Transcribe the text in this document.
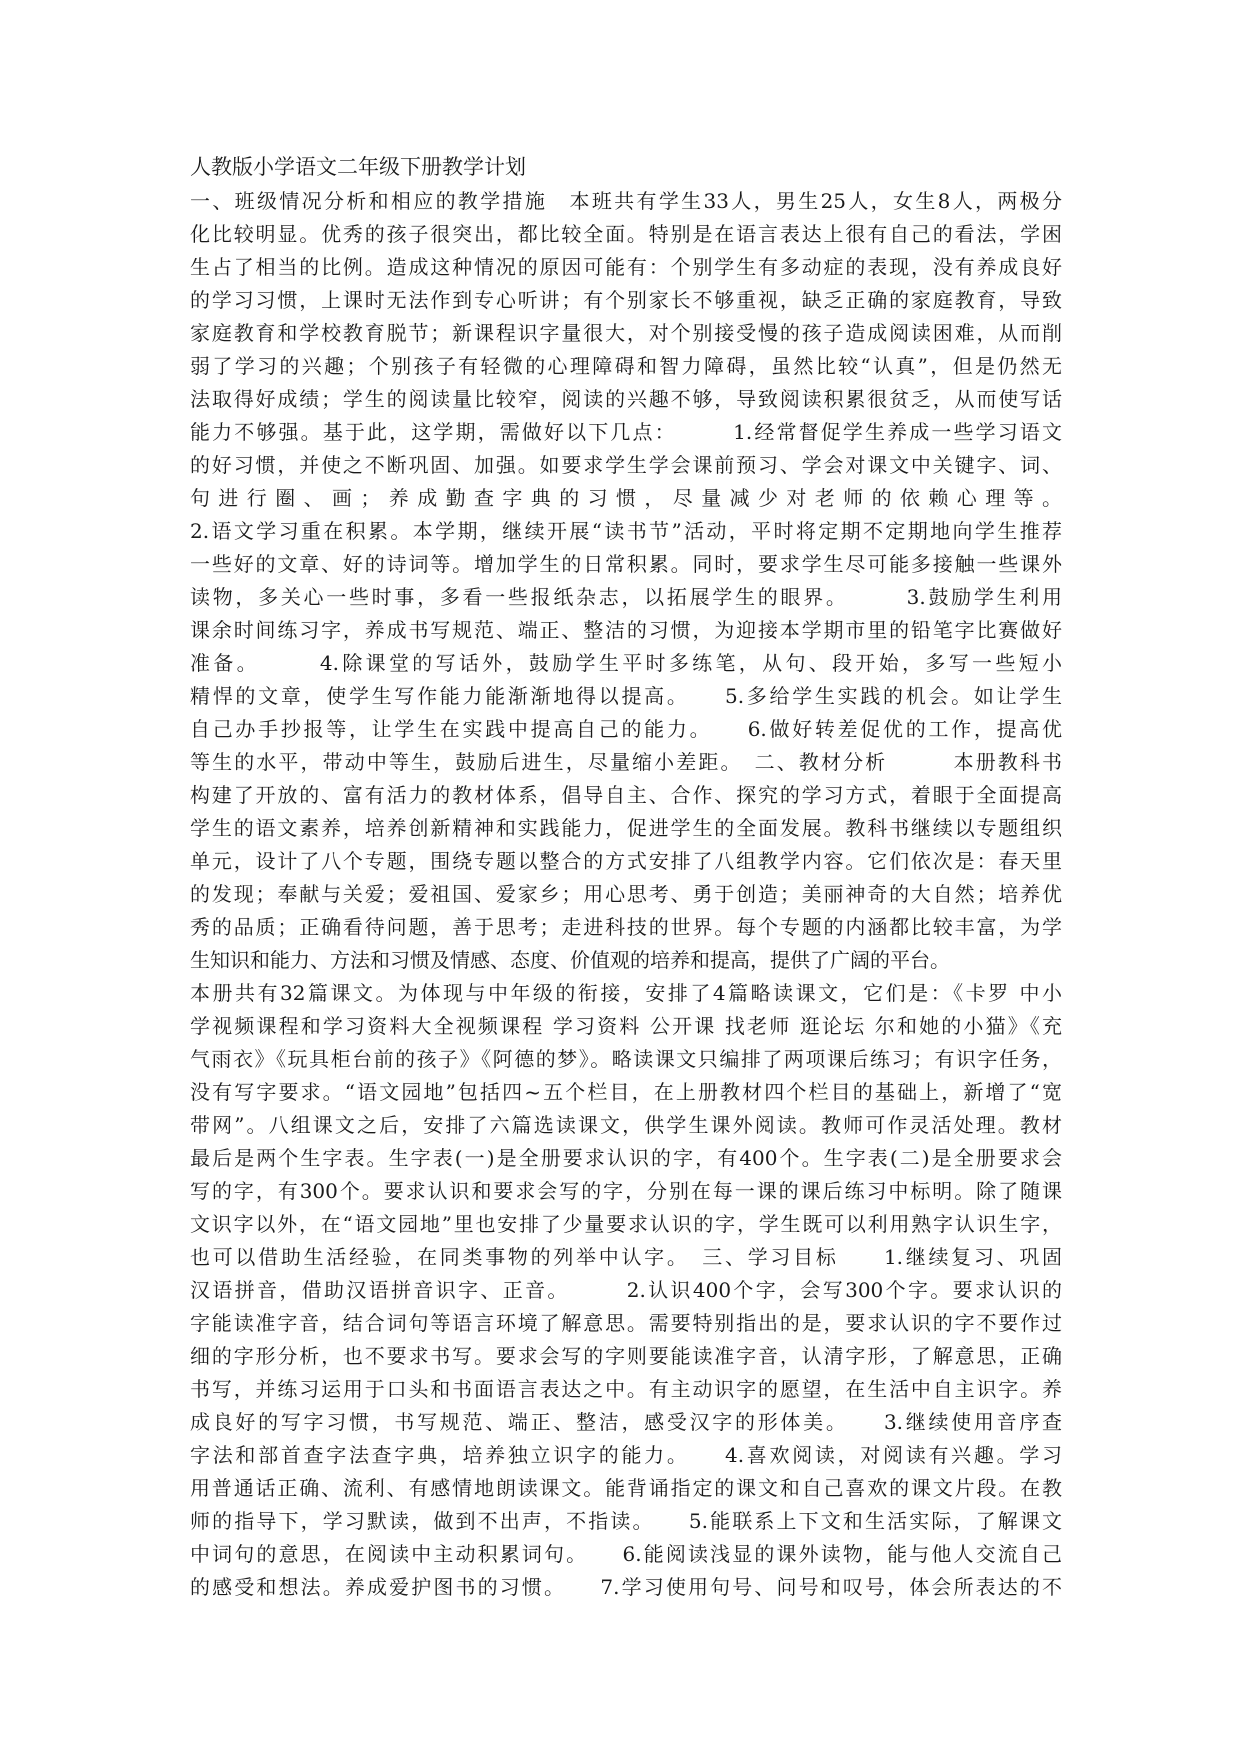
人教版小学语文二年级下册教学计划
一、班级情况分析和相应的教学措施　本班共有学生33人，男生25人，女生8人，两极分
化比较明显。优秀的孩子很突出，都比较全面。特别是在语言表达上很有自己的看法，学困
生占了相当的比例。造成这种情况的原因可能有：个别学生有多动症的表现，没有养成良好
的学习习惯，上课时无法作到专心听讲；有个别家长不够重视，缺乏正确的家庭教育，导致
家庭教育和学校教育脱节；新课程识字量很大，对个别接受慢的孩子造成阅读困难，从而削
弱了学习的兴趣；个别孩子有轻微的心理障碍和智力障碍，虽然比较“认真”，但是仍然无
法取得好成绩；学生的阅读量比较窄，阅读的兴趣不够，导致阅读积累很贫乏，从而使写话
能力不够强。基于此，这学期，需做好以下几点：　　　1.经常督促学生养成一些学习语文
的好习惯，并使之不断巩固、加强。如要求学生学会课前预习、学会对课文中关键字、词、
句进行圈、画；养成勤查字典的习惯，尽量减少对老师的依赖心理等。
2.语文学习重在积累。本学期，继续开展“读书节”活动，平时将定期不定期地向学生推荐
一些好的文章、好的诗词等。增加学生的日常积累。同时，要求学生尽可能多接触一些课外
读物，多关心一些时事，多看一些报纸杂志，以拓展学生的眼界。　　　3.鼓励学生利用
课余时间练习字，养成书写规范、端正、整洁的习惯，为迎接本学期市里的铅笔字比赛做好
准备。　　　4.除课堂的写话外，鼓励学生平时多练笔，从句、段开始，多写一些短小
精悍的文章，使学生写作能力能渐渐地得以提高。　　5.多给学生实践的机会。如让学生
自己办手抄报等，让学生在实践中提高自己的能力。　　6.做好转差促优的工作，提高优
等生的水平，带动中等生，鼓励后进生，尽量缩小差距。　二、教材分析　　　本册教科书
构建了开放的、富有活力的教材体系，倡导自主、合作、探究的学习方式，着眼于全面提高
学生的语文素养，培养创新精神和实践能力，促进学生的全面发展。教科书继续以专题组织
单元，设计了八个专题，围绕专题以整合的方式安排了八组教学内容。它们依次是：春天里
的发现；奉献与关爱；爱祖国、爱家乡；用心思考、勇于创造；美丽神奇的大自然；培养优
秀的品质；正确看待问题，善于思考；走进科技的世界。每个专题的内涵都比较丰富，为学
生知识和能力、方法和习惯及情感、态度、价值观的培养和提高，提供了广阔的平台。
本册共有32篇课文。为体现与中年级的衔接，安排了4篇略读课文，它们是：《卡罗 中小
学视频课程和学习资料大全视频课程 学习资料 公开课 找老师 逛论坛 尔和她的小猫》《充
气雨衣》《玩具柜台前的孩子》《阿德的梦》。略读课文只编排了两项课后练习；有识字任务，
没有写字要求。“语文园地”包括四~五个栏目，在上册教材四个栏目的基础上，新增了“宽
带网”。八组课文之后，安排了六篇选读课文，供学生课外阅读。教师可作灵活处理。教材
最后是两个生字表。生字表(一)是全册要求认识的字，有400个。生字表(二)是全册要求会
写的字，有300个。要求认识和要求会写的字，分别在每一课的课后练习中标明。除了随课
文识字以外，在“语文园地”里也安排了少量要求认识的字，学生既可以利用熟字认识生字，
也可以借助生活经验，在同类事物的列举中认字。　三、学习目标　　1.继续复习、巩固
汉语拼音，借助汉语拼音识字、正音。　　　2.认识400个字，会写300个字。要求认识的
字能读准字音，结合词句等语言环境了解意思。需要特别指出的是，要求认识的字不要作过
细的字形分析，也不要求书写。要求会写的字则要能读准字音，认清字形，了解意思，正确
书写，并练习运用于口头和书面语言表达之中。有主动识字的愿望，在生活中自主识字。养
成良好的写字习惯，书写规范、端正、整洁，感受汉字的形体美。　　3.继续使用音序查
字法和部首查字法查字典，培养独立识字的能力。　　4.喜欢阅读，对阅读有兴趣。学习
用普通话正确、流利、有感情地朗读课文。能背诵指定的课文和自己喜欢的课文片段。在教
师的指导下，学习默读，做到不出声，不指读。　　5.能联系上下文和生活实际，了解课文
中词句的意思，在阅读中主动积累词句。　　6.能阅读浅显的课外读物，能与他人交流自己
的感受和想法。养成爱护图书的习惯。　　7.学习使用句号、问号和叹号，体会所表达的不
